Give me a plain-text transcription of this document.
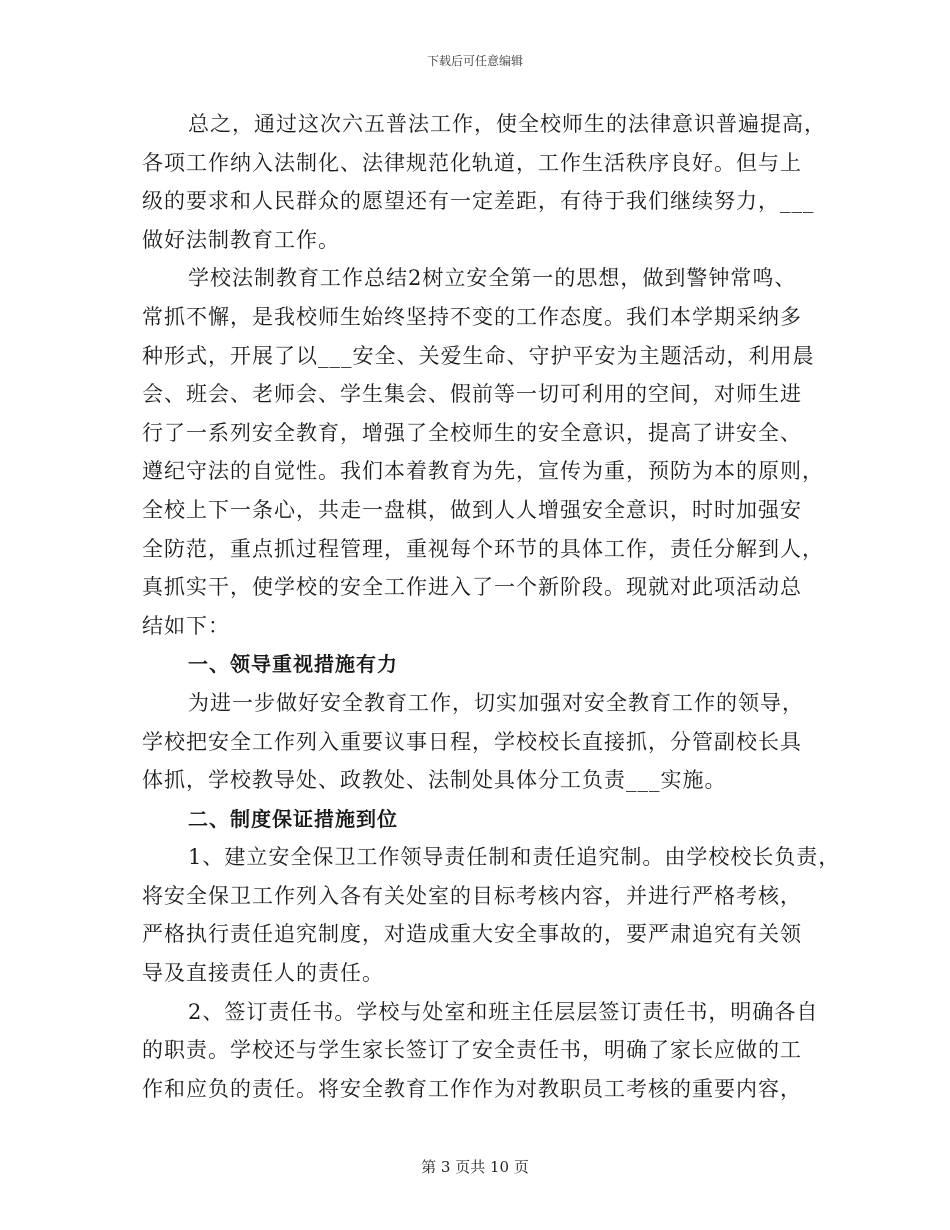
下载后可任意编辑
总之，通过这次六五普法工作，使全校师生的法律意识普遍提高，
各项工作纳入法制化、法律规范化轨道，工作生活秩序良好。但与上
级的要求和人民群众的愿望还有一定差距，有待于我们继续努力，___
做好法制教育工作。
学校法制教育工作总结2树立安全第一的思想，做到警钟常鸣、
常抓不懈，是我校师生始终坚持不变的工作态度。我们本学期采纳多
种形式，开展了以___安全、关爱生命、守护平安为主题活动，利用晨
会、班会、老师会、学生集会、假前等一切可利用的空间，对师生进
行了一系列安全教育，增强了全校师生的安全意识，提高了讲安全、
遵纪守法的自觉性。我们本着教育为先，宣传为重，预防为本的原则，
全校上下一条心，共走一盘棋，做到人人增强安全意识，时时加强安
全防范，重点抓过程管理，重视每个环节的具体工作，责任分解到人，
真抓实干，使学校的安全工作进入了一个新阶段。现就对此项活动总
结如下：
一、领导重视措施有力
为进一步做好安全教育工作，切实加强对安全教育工作的领导，
学校把安全工作列入重要议事日程，学校校长直接抓，分管副校长具
体抓，学校教导处、政教处、法制处具体分工负责___实施。
二、制度保证措施到位
1、建立安全保卫工作领导责任制和责任追究制。由学校校长负责，
将安全保卫工作列入各有关处室的目标考核内容，并进行严格考核，
严格执行责任追究制度，对造成重大安全事故的，要严肃追究有关领
导及直接责任人的责任。
2、签订责任书。学校与处室和班主任层层签订责任书，明确各自
的职责。学校还与学生家长签订了安全责任书，明确了家长应做的工
作和应负的责任。将安全教育工作作为对教职员工考核的重要内容，
第 3 页共 10 页
